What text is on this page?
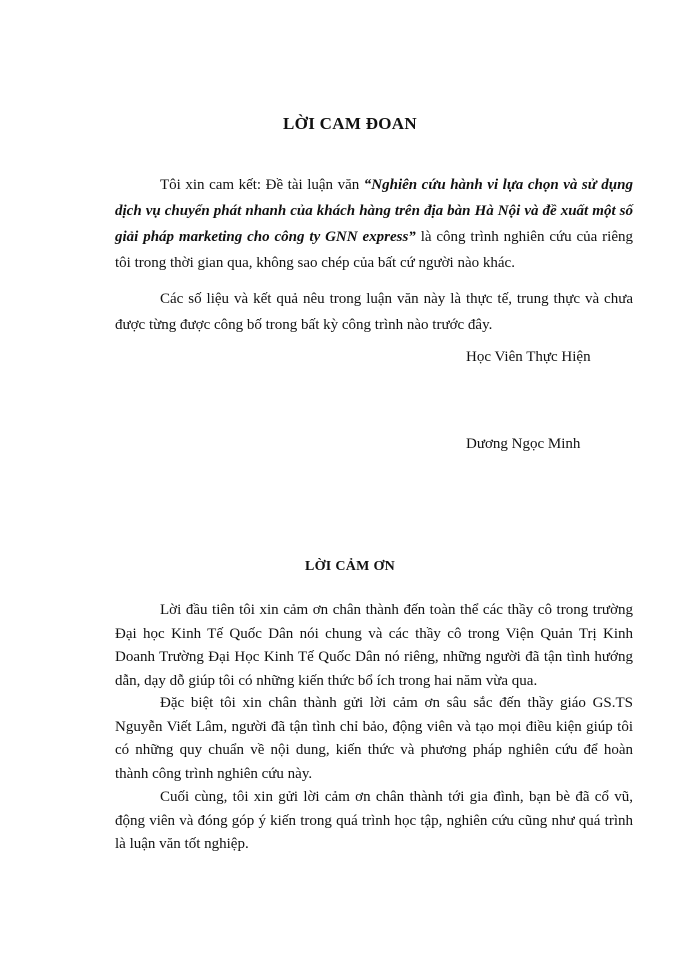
LỜI CAM ĐOAN

Tôi xin cam kết: Đề tài luận văn “Nghiên cứu hành vi lựa chọn và sử dụng dịch vụ chuyển phát nhanh của khách hàng trên địa bàn Hà Nội và đề xuất một số giải pháp marketing cho công ty GNN express” là công trình nghiên cứu của riêng tôi trong thời gian qua, không sao chép của bất cứ người nào khác.

Các số liệu và kết quả nêu trong luận văn này là thực tế, trung thực và chưa được từng được công bố trong bất kỳ công trình nào trước đây.

Học Viên Thực Hiện

Dương Ngọc Minh

LỜI CẢM ƠN

Lời đầu tiên tôi xin cảm ơn chân thành đến toàn thể các thầy cô trong trường Đại học Kinh Tế Quốc Dân nói chung và các thầy cô trong Viện Quản Trị Kinh Doanh Trường Đại Học Kinh Tế Quốc Dân nó riêng, những người đã tận tình hướng dẫn, dạy dỗ giúp tôi có những kiến thức bổ ích trong hai năm vừa qua.

Đặc biệt tôi xin chân thành gửi lời cảm ơn sâu sắc đến thầy giáo GS.TS Nguyễn Viết Lâm, người đã tận tình chỉ bảo, động viên và tạo mọi điều kiện giúp tôi có những quy chuẩn về nội dung, kiến thức và phương pháp nghiên cứu để hoàn thành công trình nghiên cứu này.

Cuối cùng, tôi xin gửi lời cảm ơn chân thành tới gia đình, bạn bè đã cổ vũ, động viên và đóng góp ý kiến trong quá trình học tập, nghiên cứu cũng như quá trình là luận văn tốt nghiệp.
